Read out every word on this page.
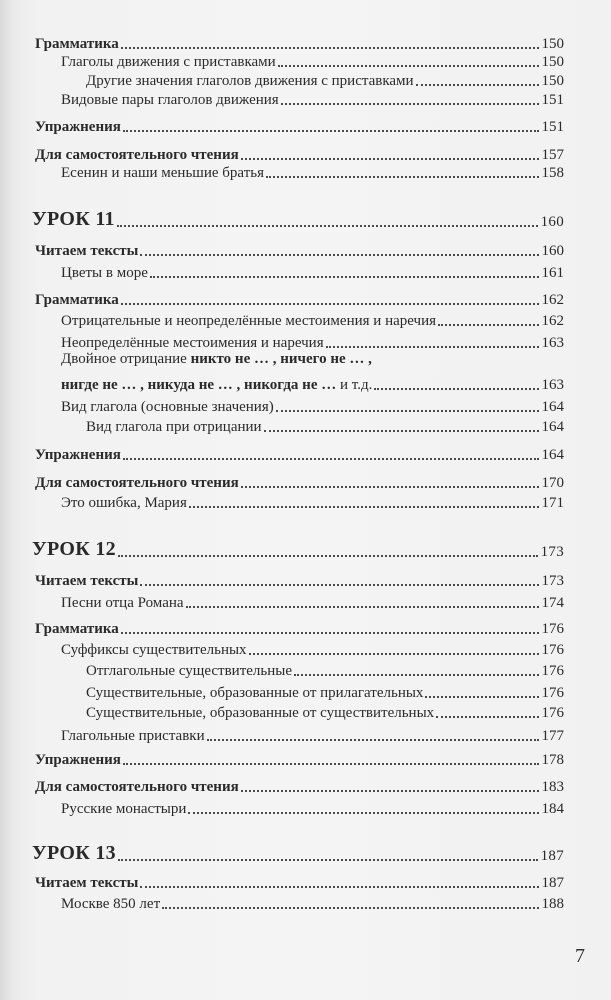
Грамматика	150
Глаголы движения с приставками	150
Другие значения глаголов движения с приставками	150
Видовые пары глаголов движения	151
Упражнения	151
Для самостоятельного чтения	157
Есенин и наши меньшие братья	158
УРОК 11	160
Читаем тексты	160
Цветы в море	161
Грамматика	162
Отрицательные и неопределённые местоимения и наречия	162
Неопределённые местоимения и наречия	163
Двойное отрицание никто не … , ничего не … ,
нигде не … , никуда не … , никогда не … и т.д.	163
Вид глагола (основные значения)	164
Вид глагола при отрицании	164
Упражнения	164
Для самостоятельного чтения	170
Это ошибка, Мария	171
УРОК 12	173
Читаем тексты	173
Песни отца Романа	174
Грамматика	176
Суффиксы существительных	176
Отглагольные существительные	176
Существительные, образованные от прилагательных	176
Существительные, образованные от существительных	176
Глагольные приставки	177
Упражнения	178
Для самостоятельного чтения	183
Русские монастыри	184
УРОК 13	187
Читаем тексты	187
Москве 850 лет	188
7
